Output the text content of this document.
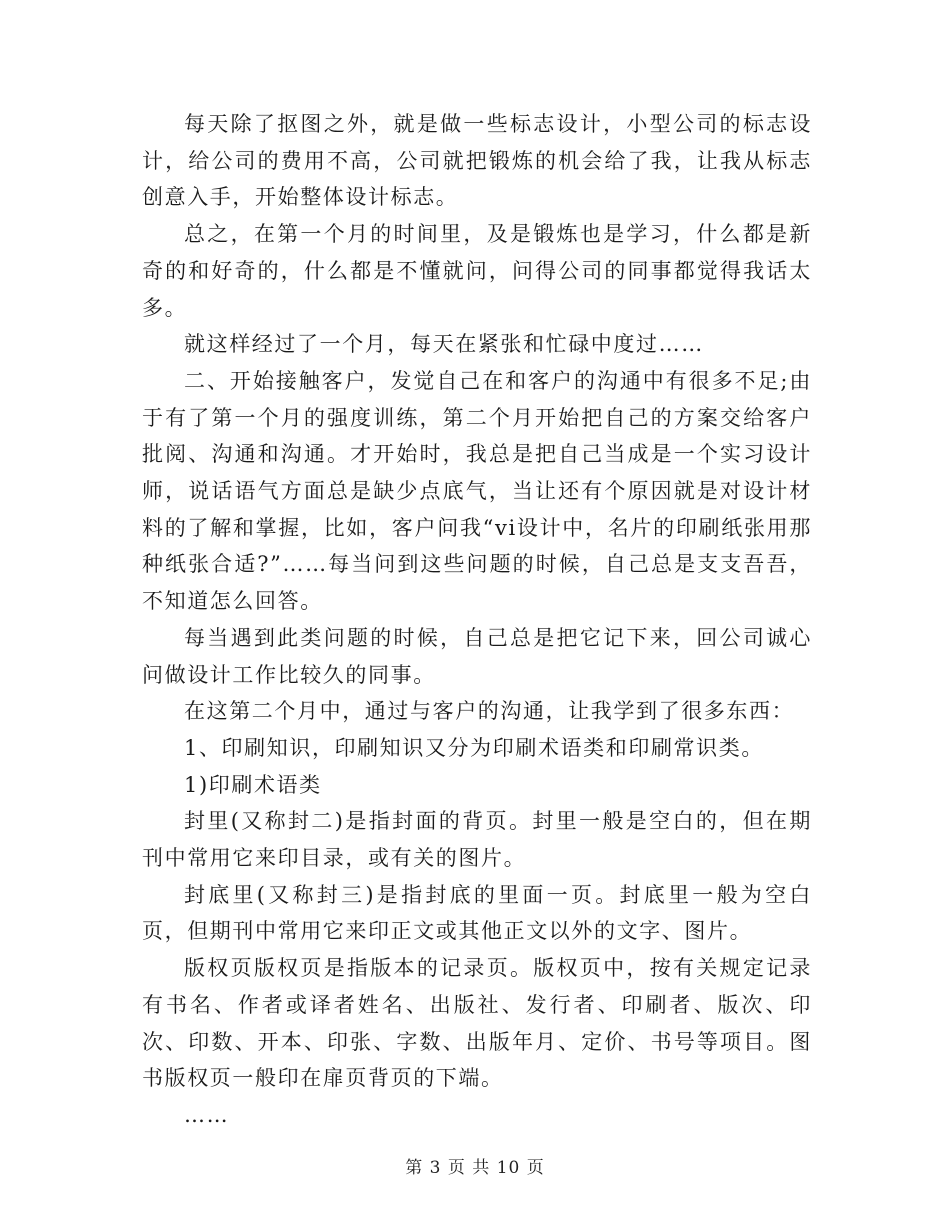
每天除了抠图之外，就是做一些标志设计，小型公司的标志设计，给公司的费用不高，公司就把锻炼的机会给了我，让我从标志创意入手，开始整体设计标志。

总之，在第一个月的时间里，及是锻炼也是学习，什么都是新奇的和好奇的，什么都是不懂就问，问得公司的同事都觉得我话太多。

就这样经过了一个月，每天在紧张和忙碌中度过……

二、开始接触客户，发觉自己在和客户的沟通中有很多不足;由于有了第一个月的强度训练，第二个月开始把自己的方案交给客户批阅、沟通和沟通。才开始时，我总是把自己当成是一个实习设计师，说话语气方面总是缺少点底气，当让还有个原因就是对设计材料的了解和掌握，比如，客户问我“vi设计中，名片的印刷纸张用那种纸张合适?”……每当问到这些问题的时候，自己总是支支吾吾，不知道怎么回答。

每当遇到此类问题的时候，自己总是把它记下来，回公司诚心问做设计工作比较久的同事。

在这第二个月中，通过与客户的沟通，让我学到了很多东西：

1、印刷知识，印刷知识又分为印刷术语类和印刷常识类。

1)印刷术语类

封里(又称封二)是指封面的背页。封里一般是空白的，但在期刊中常用它来印目录，或有关的图片。

封底里(又称封三)是指封底的里面一页。封底里一般为空白页，但期刊中常用它来印正文或其他正文以外的文字、图片。

版权页版权页是指版本的记录页。版权页中，按有关规定记录有书名、作者或译者姓名、出版社、发行者、印刷者、版次、印次、印数、开本、印张、字数、出版年月、定价、书号等项目。图书版权页一般印在扉页背页的下端。

……

第 3 页 共 10 页
